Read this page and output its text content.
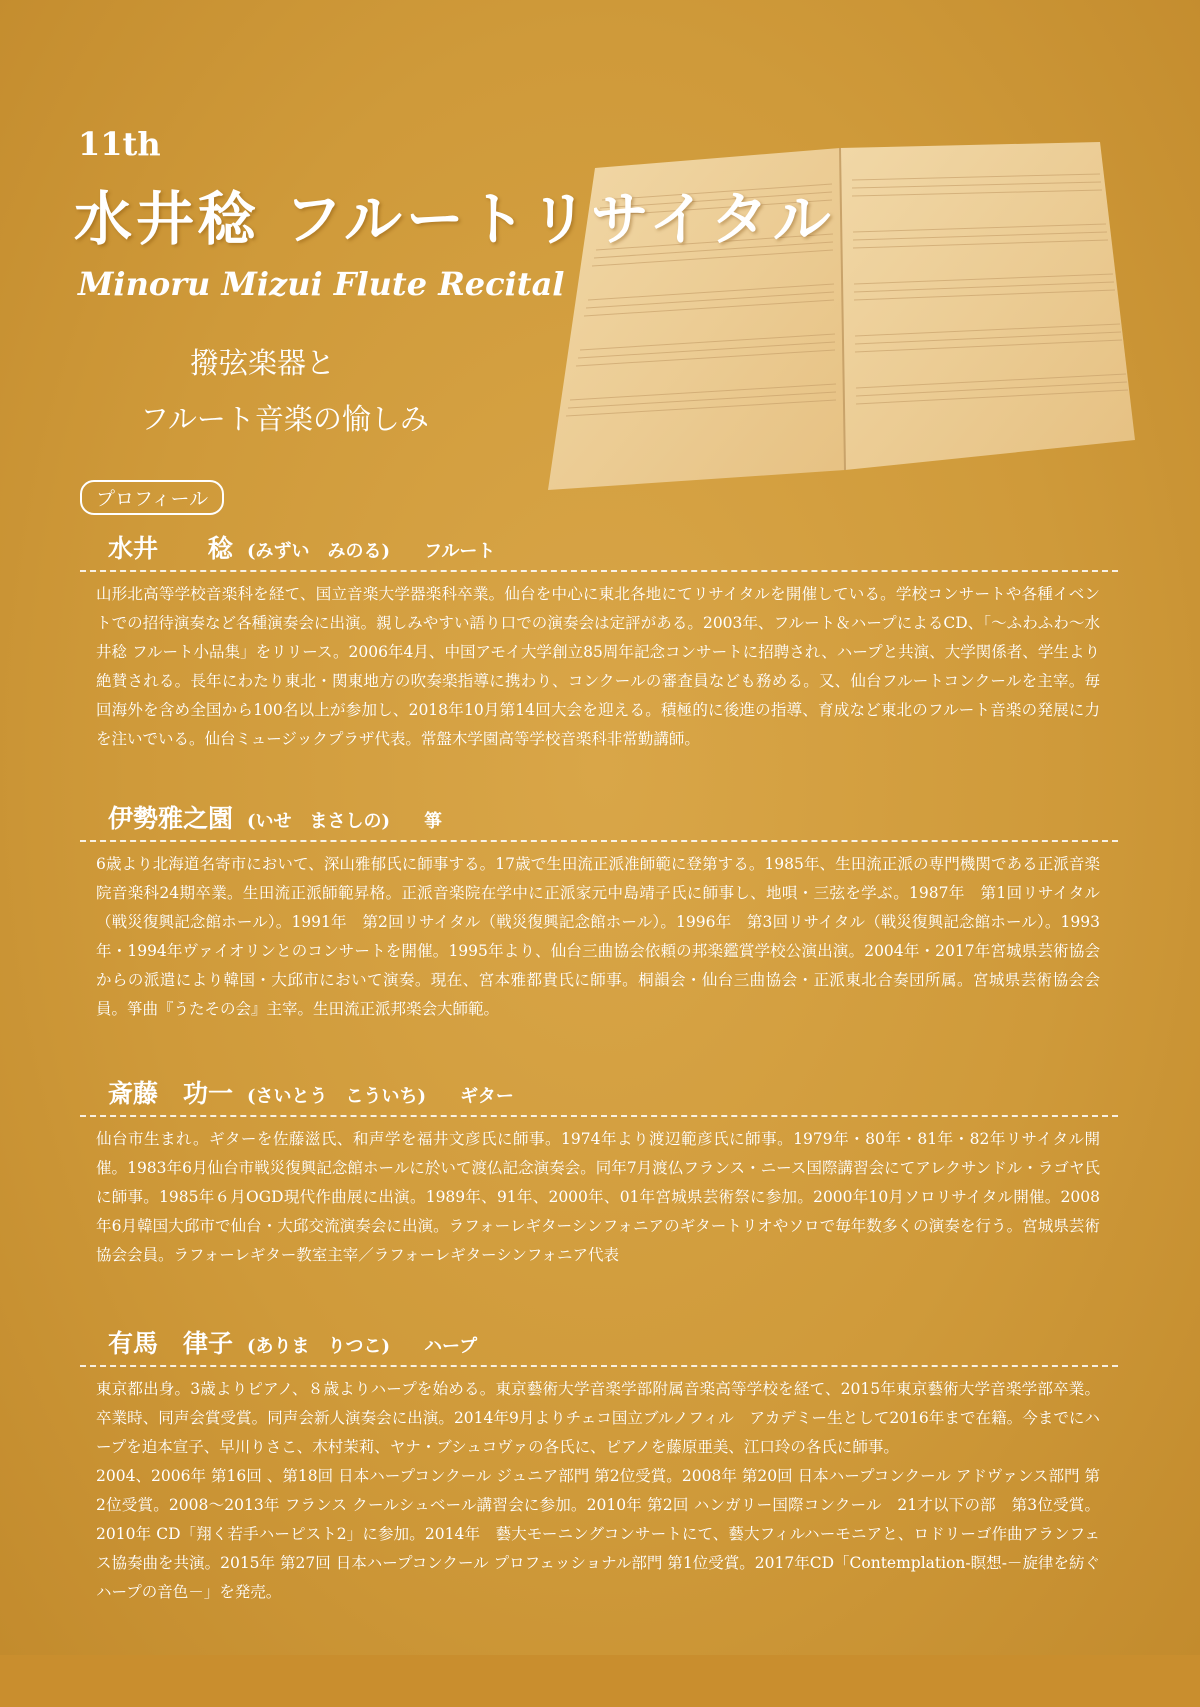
11th
水井稔 フルートリサイタル
Minoru Mizui Flute Recital
撥弦楽器と
フルート音楽の愉しみ
プロフィール
水井　　稔 (みずい　みのる) フルート

山形北高等学校音楽科を経て、国立音楽大学器楽科卒業。仙台を中心に東北各地にてリサイタルを開催している。学校コンサートや各種イベントでの招待演奏など各種演奏会に出演。親しみやすい語り口での演奏会は定評がある。2003年、フルート＆ハープによるCD、「～ふわふわ～水井稔 フルート小品集」をリリース。2006年4月、中国アモイ大学創立85周年記念コンサートに招聘され、ハープと共演、大学関係者、学生より絶賛される。長年にわたり東北・関東地方の吹奏楽指導に携わり、コンクールの審査員なども務める。又、仙台フルートコンクールを主宰。毎回海外を含め全国から100名以上が参加し、2018年10月第14回大会を迎える。積極的に後進の指導、育成など東北のフルート音楽の発展に力を注いでいる。仙台ミュージックプラザ代表。常盤木学園高等学校音楽科非常勤講師。

伊勢雅之園 (いせ　まさしの) 箏

6歳より北海道名寄市において、深山雅郁氏に師事する。17歳で生田流正派准師範に登第する。1985年、生田流正派の専門機関である正派音楽院音楽科24期卒業。生田流正派師範昇格。正派音楽院在学中に正派家元中島靖子氏に師事し、地唄・三弦を学ぶ。1987年　第1回リサイタル（戦災復興記念館ホール）。1991年　第2回リサイタル（戦災復興記念館ホール）。1996年　第3回リサイタル（戦災復興記念館ホール）。1993年・1994年ヴァイオリンとのコンサートを開催。1995年より、仙台三曲協会依頼の邦楽鑑賞学校公演出演。2004年・2017年宮城県芸術協会からの派遣により韓国・大邱市において演奏。現在、宮本雅都貴氏に師事。桐韻会・仙台三曲協会・正派東北合奏団所属。宮城県芸術協会会員。箏曲『うたその会』主宰。生田流正派邦楽会大師範。

斎藤　功一 (さいとう　こういち) ギター

仙台市生まれ。ギターを佐藤滋氏、和声学を福井文彦氏に師事。1974年より渡辺範彦氏に師事。1979年・80年・81年・82年リサイタル開催。1983年6月仙台市戦災復興記念館ホールに於いて渡仏記念演奏会。同年7月渡仏フランス・ニース国際講習会にてアレクサンドル・ラゴヤ氏に師事。1985年６月OGD現代作曲展に出演。1989年、91年、2000年、01年宮城県芸術祭に参加。2000年10月ソロリサイタル開催。2008年6月韓国大邱市で仙台・大邱交流演奏会に出演。ラフォーレギターシンフォニアのギタートリオやソロで毎年数多くの演奏を行う。宮城県芸術協会会員。ラフォーレギター教室主宰／ラフォーレギターシンフォニア代表

有馬　律子 (ありま　りつこ) ハープ

東京都出身。3歳よりピアノ、８歳よりハープを始める。東京藝術大学音楽学部附属音楽高等学校を経て、2015年東京藝術大学音楽学部卒業。卒業時、同声会賞受賞。同声会新人演奏会に出演。2014年9月よりチェコ国立ブルノフィル　アカデミー生として2016年まで在籍。今までにハープを迫本宣子、早川りさこ、木村茉莉、ヤナ・ブシュコヴァの各氏に、ピアノを藤原亜美、江口玲の各氏に師事。

2004、2006年 第16回 、第18回 日本ハープコンクール ジュニア部門 第2位受賞。2008年 第20回 日本ハープコンクール アドヴァンス部門 第2位受賞。2008～2013年 フランス クールシュベール講習会に参加。2010年 第2回 ハンガリー国際コンクール　21才以下の部　第3位受賞。2010年 CD「翔く若手ハーピスト2」に参加。2014年　藝大モーニングコンサートにて、藝大フィルハーモニアと、ロドリーゴ作曲アランフェス協奏曲を共演。2015年 第27回 日本ハープコンクール プロフェッショナル部門 第1位受賞。2017年CD「Contemplation-瞑想-－旋律を紡ぐハープの音色－」を発売。
